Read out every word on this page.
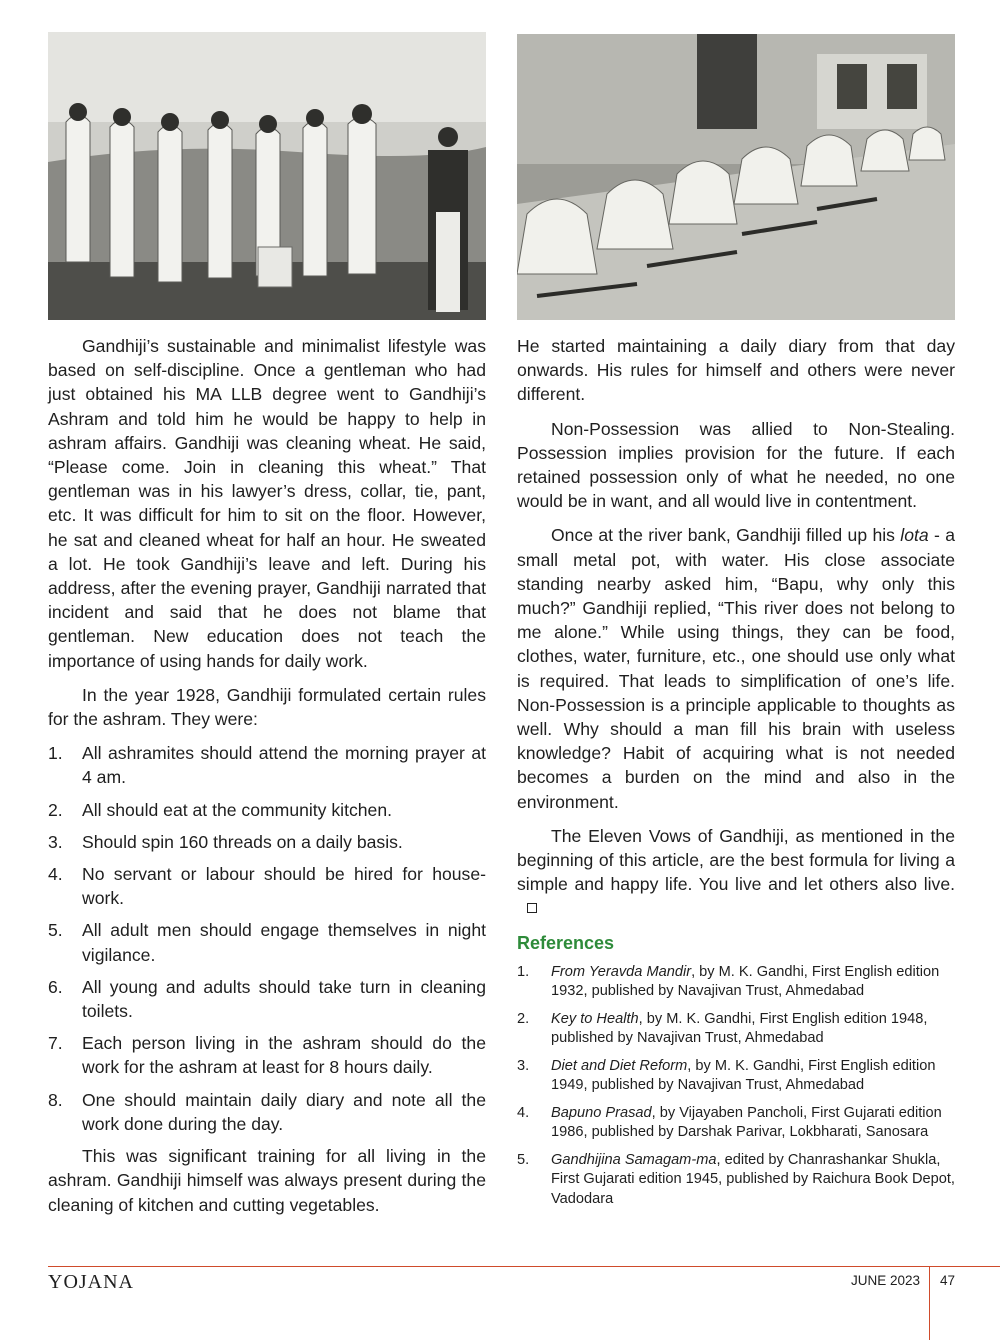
Gandhiji’s sustainable and minimalist lifestyle was based on self-discipline. Once a gentleman who had just obtained his MA LLB degree went to Gandhiji’s Ashram and told him he would be happy to help in ashram affairs. Gandhiji was cleaning wheat. He said, “Please come. Join in cleaning this wheat.” That gentleman was in his lawyer’s dress, collar, tie, pant, etc. It was difficult for him to sit on the floor. However, he sat and cleaned wheat for half an hour. He sweated a lot. He took Gandhiji’s leave and left. During his address, after the evening prayer, Gandhiji narrated that incident and said that he does not blame that gentleman. New education does not teach the importance of using hands for daily work.

In the year 1928, Gandhiji formulated certain rules for the ashram. They were:

1. All ashramites should attend the morning prayer at 4 am.
2. All should eat at the community kitchen.
3. Should spin 160 threads on a daily basis.
4. No servant or labour should be hired for house-work.
5. All adult men should engage themselves in night vigilance.
6. All young and adults should take turn in cleaning toilets.
7. Each person living in the ashram should do the work for the ashram at least for 8 hours daily.
8. One should maintain daily diary and note all the work done during the day.

This was significant training for all living in the ashram. Gandhiji himself was always present during the cleaning of kitchen and cutting vegetables.

He started maintaining a daily diary from that day onwards. His rules for himself and others were never different.

Non-Possession was allied to Non-Stealing. Possession implies provision for the future. If each retained possession only of what he needed, no one would be in want, and all would live in contentment.

Once at the river bank, Gandhiji filled up his lota - a small metal pot, with water. His close associate standing nearby asked him, “Bapu, why only this much?” Gandhiji replied, “This river does not belong to me alone.” While using things, they can be food, clothes, water, furniture, etc., one should use only what is required. That leads to simplification of one’s life. Non-Possession is a principle applicable to thoughts as well. Why should a man fill his brain with useless knowledge? Habit of acquiring what is not needed becomes a burden on the mind and also in the environment.

The Eleven Vows of Gandhiji, as mentioned in the beginning of this article, are the best formula for living a simple and happy life. You live and let others also live.

References
1. From Yeravda Mandir, by M. K. Gandhi, First English edition 1932, published by Navajivan Trust, Ahmedabad
2. Key to Health, by M. K. Gandhi, First English edition 1948, published by Navajivan Trust, Ahmedabad
3. Diet and Diet Reform, by M. K. Gandhi, First English edition 1949, published by Navajivan Trust, Ahmedabad
4. Bapuno Prasad, by Vijayaben Pancholi, First Gujarati edition 1986, published by Darshak Parivar, Lokbharati, Sanosara
5. Gandhijina Samagam-ma, edited by Chanrashankar Shukla, First Gujarati edition 1945, published by Raichura Book Depot, Vadodara
YOJANA	JUNE 2023 47
